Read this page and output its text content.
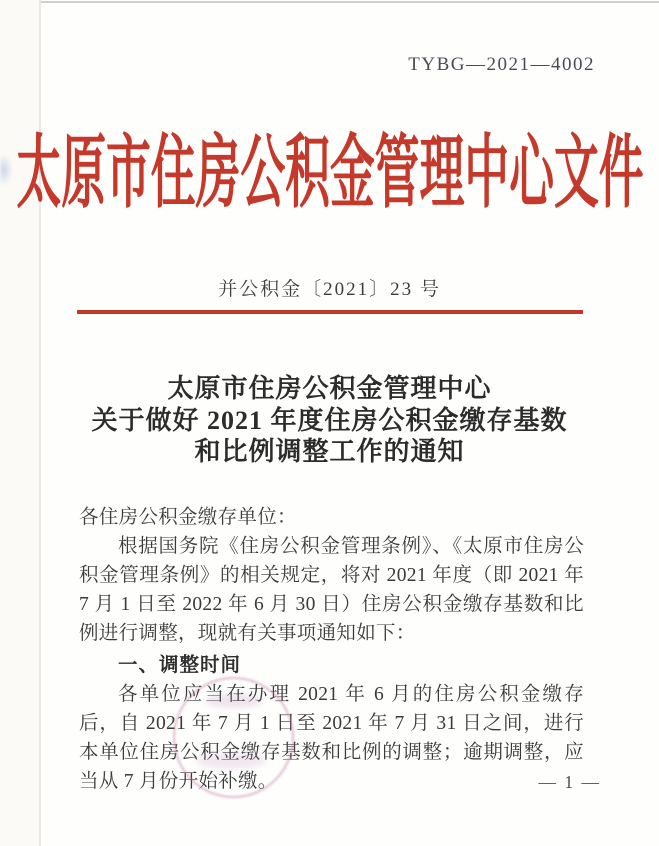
TYBG—2021—4002
太原市住房公积金管理中心文件
并公积金〔2021〕23 号
太原市住房公积金管理中心
关于做好 2021 年度住房公积金缴存基数
和比例调整工作的通知

各住房公积金缴存单位：

根据国务院《住房公积金管理条例》、《太原市住房公积金管理条例》的相关规定，将对 2021 年度（即 2021 年 7 月 1 日至 2022 年 6 月 30 日）住房公积金缴存基数和比例进行调整，现就有关事项通知如下：

一、调整时间

各单位应当在办理 2021 年 6 月的住房公积金缴存后，自 2021 年 7 月 1 日至 2021 年 7 月 31 日之间，进行本单位住房公积金缴存基数和比例的调整；逾期调整，应当从 7 月份开始补缴。	— 1 —
